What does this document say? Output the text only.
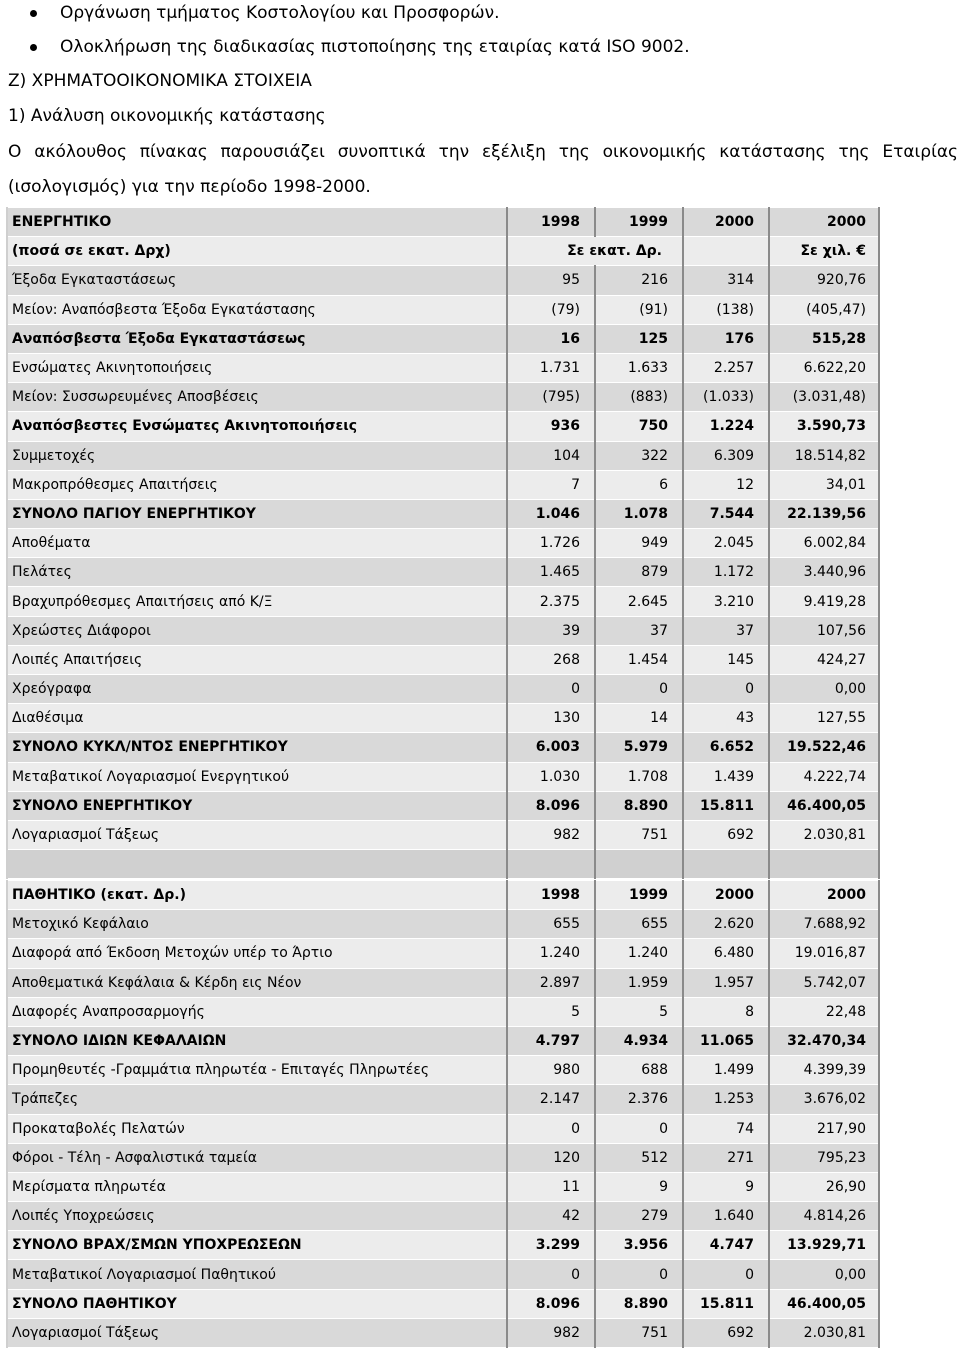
Οργάνωση τμήματος Κοστολογίου και Προσφορών.
Ολοκλήρωση της διαδικασίας πιστοποίησης της εταιρίας κατά ISO 9002.
Ζ) ΧΡΗΜΑΤΟΟΙΚΟΝΟΜΙΚΑ ΣΤΟΙΧΕΙΑ
1) Ανάλυση οικονομικής κατάστασης
Ο ακόλουθος πίνακας παρουσιάζει συνοπτικά την εξέλιξη της οικονομικής κατάστασης της Εταιρίας
(ισολογισμός) για την περίοδο 1998-2000.
ΕΝΕΡΓΗΤΙΚΟ	1998	1999	2000	2000
(ποσά σε εκατ. Δρχ)	Σε εκατ. Δρ.			Σε χιλ. €
Έξοδα Εγκαταστάσεως	95	216	314	920,76
Μείον: Αναπόσβεστα Έξοδα Εγκατάστασης	(79)	(91)	(138)	(405,47)
Αναπόσβεστα Έξοδα Εγκαταστάσεως	16	125	176	515,28
Ενσώματες Ακινητοποιήσεις	1.731	1.633	2.257	6.622,20
Μείον: Συσσωρευμένες Αποσβέσεις	(795)	(883)	(1.033)	(3.031,48)
Αναπόσβεστες Ενσώματες Ακινητοποιήσεις	936	750	1.224	3.590,73
Συμμετοχές	104	322	6.309	18.514,82
Μακροπρόθεσμες Απαιτήσεις	7	6	12	34,01
ΣΥΝΟΛΟ ΠΑΓΙΟΥ ΕΝΕΡΓΗΤΙΚΟΥ	1.046	1.078	7.544	22.139,56
Αποθέματα	1.726	949	2.045	6.002,84
Πελάτες	1.465	879	1.172	3.440,96
Βραχυπρόθεσμες Απαιτήσεις από Κ/Ξ	2.375	2.645	3.210	9.419,28
Χρεώστες Διάφοροι	39	37	37	107,56
Λοιπές Απαιτήσεις	268	1.454	145	424,27
Χρεόγραφα	0	0	0	0,00
Διαθέσιμα	130	14	43	127,55
ΣΥΝΟΛΟ ΚΥΚΛ/ΝΤΟΣ ΕΝΕΡΓΗΤΙΚΟΥ	6.003	5.979	6.652	19.522,46
Μεταβατικοί Λογαριασμοί Ενεργητικού	1.030	1.708	1.439	4.222,74
ΣΥΝΟΛΟ ΕΝΕΡΓΗΤΙΚΟΥ	8.096	8.890	15.811	46.400,05
Λογαριασμοί Τάξεως	982	751	692	2.030,81

ΠΑΘΗΤΙΚΟ (εκατ. Δρ.)	1998	1999	2000	2000
Μετοχικό Κεφάλαιο	655	655	2.620	7.688,92
Διαφορά από Έκδοση Μετοχών υπέρ το Άρτιο	1.240	1.240	6.480	19.016,87
Αποθεματικά Κεφάλαια & Κέρδη εις Νέον	2.897	1.959	1.957	5.742,07
Διαφορές Αναπροσαρμογής	5	5	8	22,48
ΣΥΝΟΛΟ ΙΔΙΩΝ ΚΕΦΑΛΑΙΩΝ	4.797	4.934	11.065	32.470,34
Προμηθευτές -Γραμμάτια πληρωτέα - Επιταγές Πληρωτέες	980	688	1.499	4.399,39
Τράπεζες	2.147	2.376	1.253	3.676,02
Προκαταβολές Πελατών	0	0	74	217,90
Φόροι - Τέλη - Ασφαλιστικά ταμεία	120	512	271	795,23
Μερίσματα πληρωτέα	11	9	9	26,90
Λοιπές Υποχρεώσεις	42	279	1.640	4.814,26
ΣΥΝΟΛΟ ΒΡΑΧ/ΣΜΩΝ ΥΠΟΧΡΕΩΣΕΩΝ	3.299	3.956	4.747	13.929,71
Μεταβατικοί Λογαριασμοί Παθητικού	0	0	0	0,00
ΣΥΝΟΛΟ ΠΑΘΗΤΙΚΟΥ	8.096	8.890	15.811	46.400,05
Λογαριασμοί Τάξεως	982	751	692	2.030,81
